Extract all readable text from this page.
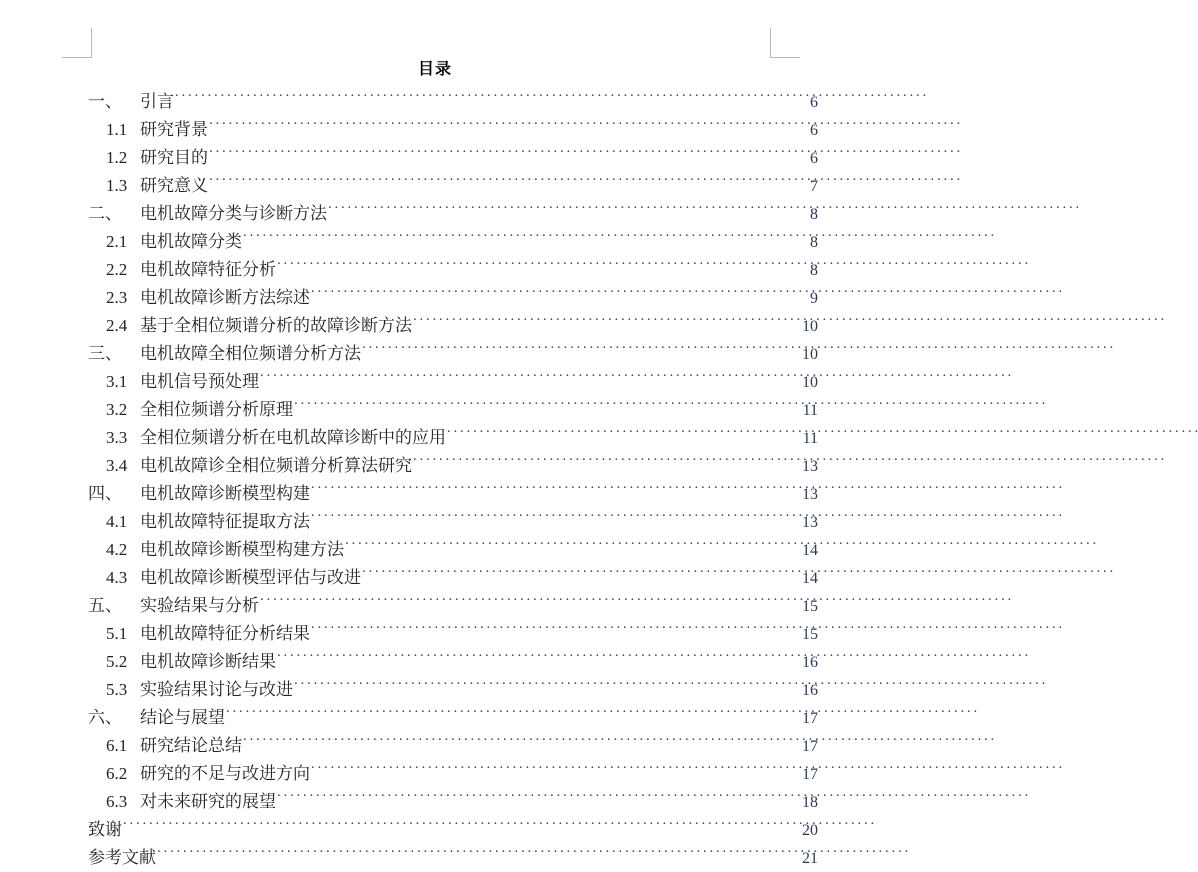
目录
一、 引言 . . .	6
1.1 研究背景 . . .	6
1.2 研究目的 . . .	6
1.3 研究意义 . . .	7
二、 电机故障分类与诊断方法 . . .	8
2.1 电机故障分类 . . .	8
2.2 电机故障特征分析 . . .	8
2.3 电机故障诊断方法综述 . . .	9
2.4 基于全相位频谱分析的故障诊断方法 . . .	10
三、 电机故障全相位频谱分析方法 . . .	10
3.1 电机信号预处理 . . .	10
3.2 全相位频谱分析原理 . . .	11
3.3 全相位频谱分析在电机故障诊断中的应用 . . .	11
3.4 电机故障诊全相位频谱分析算法研究 . . .	13
四、 电机故障诊断模型构建 . . .	13
4.1 电机故障特征提取方法 . . .	13
4.2 电机故障诊断模型构建方法 . . .	14
4.3 电机故障诊断模型评估与改进 . . .	14
五、 实验结果与分析 . . .	15
5.1 电机故障特征分析结果 . . .	15
5.2 电机故障诊断结果 . . .	16
5.3 实验结果讨论与改进 . . .	16
六、 结论与展望 . . .	17
6.1 研究结论总结 . . .	17
6.2 研究的不足与改进方向 . . .	17
6.3 对未来研究的展望 . . .	18
致谢 . . .	20
参考文献 . . .	21
